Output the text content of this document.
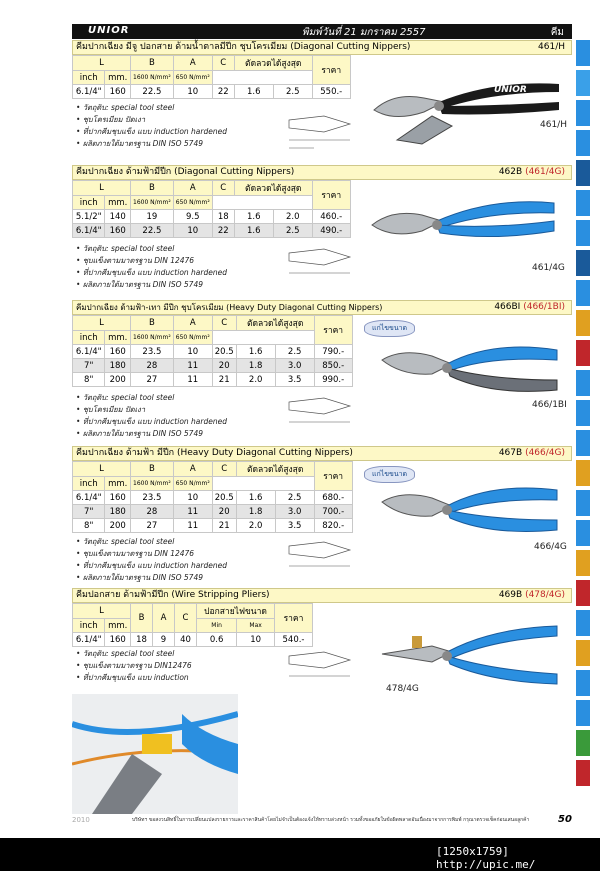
UNIOR	พิมพ์วันที่ 21 มกราคม 2557	คีม
คีมปากเฉียง มีจู ปอกสาย ด้ามน้ำตาลมีปีก ชุบโครเมียม (Diagonal Cutting Nippers)	461/H
L		B	A	C	ตัดลวดได้สูงสุด		ราคา
inch	mm.						
		1600 N/mm²	650 N/mm²				
6.1/4"	160	22.5	10	22	1.6	2.5	550.-
• วัตถุดิบ: special tool steel
• ชุบโครเมียม ปัดเงา
• ที่ปากคีมชุบแข็ง แบบ induction hardened
• ผลิตภายใต้มาตรฐาน DIN ISO 5749
UNIOR
461/H
คีมปากเฉียง ด้ามฟ้ามีปีก (Diagonal Cutting Nippers)	462B (461/4G)
L		B	A	C	ตัดลวดได้สูงสุด		ราคา
inch	mm.						
		1600 N/mm²	650 N/mm²				
5.1/2"	140	19	9.5	18	1.6	2.0	460.-
6.1/4"	160	22.5	10	22	1.6	2.5	490.-
• วัตถุดิบ: special tool steel
• ชุบแข็งตามมาตรฐาน DIN 12476
• ที่ปากคีมชุบแข็ง แบบ induction hardened
• ผลิตภายใต้มาตรฐาน DIN ISO 5749
461/4G
คีมปากเฉียง ด้ามฟ้า-เทา มีปีก ชุบโครเมียม (Heavy Duty Diagonal Cutting Nippers)	466BI (466/1BI)
L		B	A	C	ตัดลวดได้สูงสุด		ราคา
inch	mm.						
		1600 N/mm²	650 N/mm²				
6.1/4"	160	23.5	10	20.5	1.6	2.5	790.-
7"	180	28	11	20	1.8	3.0	850.-
8"	200	27	11	21	2.0	3.5	990.-
• วัตถุดิบ: special tool steel
• ชุบโครเมียม ปัดเงา
• ที่ปากคีมชุบแข็ง แบบ induction hardened
• ผลิตภายใต้มาตรฐาน DIN ISO 5749
แก่ไขขนาด
466/1BI
คีมปากเฉียง ด้ามฟ้า มีปีก (Heavy Duty Diagonal Cutting Nippers)	467B (466/4G)
L		B	A	C	ตัดลวดได้สูงสุด		ราคา
inch	mm.						
		1600 N/mm²	650 N/mm²				
6.1/4"	160	23.5	10	20.5	1.6	2.5	680.-
7"	180	28	11	20	1.8	3.0	700.-
8"	200	27	11	21	2.0	3.5	820.-
• วัตถุดิบ: special tool steel
• ชุบแข็งตามมาตรฐาน DIN 12476
• ที่ปากคีมชุบแข็ง แบบ induction hardened
• ผลิตภายใต้มาตรฐาน DIN ISO 5749
แก่ไขขนาด
466/4G
คีมปอกสาย ด้ามฟ้ามีปีก (Wire Stripping Pliers)	469B (478/4G)
L		B	A	C	ปอกสายไฟขนาด		ราคา
inch	mm.				Min	Max	
6.1/4"	160	18	9	40	0.6	10	540.-
• วัตถุดิบ: special tool steel
• ชุบแข็งตามมาตรฐาน DIN12476
• ที่ปากคีมชุบแข็ง แบบ induction
478/4G
2010	บริษัทฯ ขอสงวนสิทธิ์ในการเปลี่ยนแปลงรายการและราคาสินค้าโดยไม่จำเป็นต้องแจ้งให้ทราบล่วงหน้า รวมทั้งขออภัยในข้อผิดพลาดอันเนื่องมาจากการพิมพ์ กรุณาตรวจเช็คก่อนเสนอลูกค้า	50
[1250x1759] http://upic.me/
